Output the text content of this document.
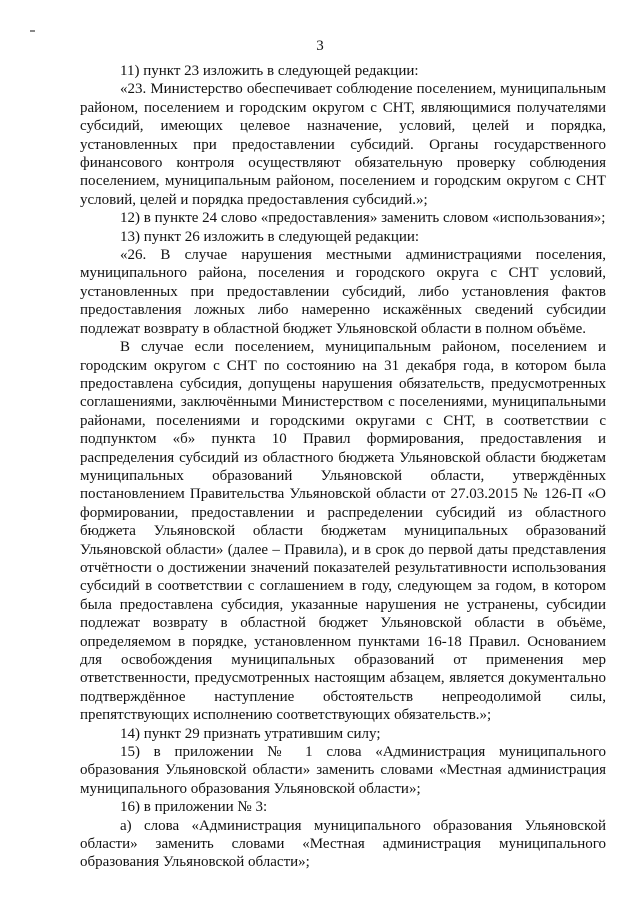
3

11) пункт 23 изложить в следующей редакции:

«23. Министерство обеспечивает соблюдение поселением, муниципальным районом, поселением и городским округом с СНТ, являющимися получателями субсидий, имеющих целевое назначение, условий, целей и порядка, установленных при предоставлении субсидий. Органы государственного финансового контроля осуществляют обязательную проверку соблюдения поселением, муниципальным районом, поселением и городским округом с СНТ условий, целей и порядка предоставления субсидий.»;

12) в пункте 24 слово «предоставления» заменить словом «использования»;

13) пункт 26 изложить в следующей редакции:

«26. В случае нарушения местными администрациями поселения, муниципального района, поселения и городского округа с СНТ условий, установленных при предоставлении субсидий, либо установления фактов предоставления ложных либо намеренно искажённых сведений субсидии подлежат возврату в областной бюджет Ульяновской области в полном объёме.

В случае если поселением, муниципальным районом, поселением и городским округом с СНТ по состоянию на 31 декабря года, в котором была предоставлена субсидия, допущены нарушения обязательств, предусмотренных соглашениями, заключёнными Министерством с поселениями, муниципальными районами, поселениями и городскими округами с СНТ, в соответствии с подпунктом «б» пункта 10 Правил формирования, предоставления и распределения субсидий из областного бюджета Ульяновской области бюджетам муниципальных образований Ульяновской области, утверждённых постановлением Правительства Ульяновской области от 27.03.2015 № 126-П «О формировании, предоставлении и распределении субсидий из областного бюджета Ульяновской области бюджетам муниципальных образований Ульяновской области» (далее – Правила), и в срок до первой даты представления отчётности о достижении значений показателей результативности использования субсидий в соответствии с соглашением в году, следующем за годом, в котором была предоставлена субсидия, указанные нарушения не устранены, субсидии подлежат возврату в областной бюджет Ульяновской области в объёме, определяемом в порядке, установленном пунктами 16-18 Правил. Основанием для освобождения муниципальных образований от применения мер ответственности, предусмотренных настоящим абзацем, является документально подтверждённое наступление обстоятельств непреодолимой силы, препятствующих исполнению соответствующих обязательств.»;

14) пункт 29 признать утратившим силу;

15) в приложении № 1 слова «Администрация муниципального образования Ульяновской области» заменить словами «Местная администрация муниципального образования Ульяновской области»;

16) в приложении № 3:

а) слова «Администрация муниципального образования Ульяновской области» заменить словами «Местная администрация муниципального образования Ульяновской области»;
